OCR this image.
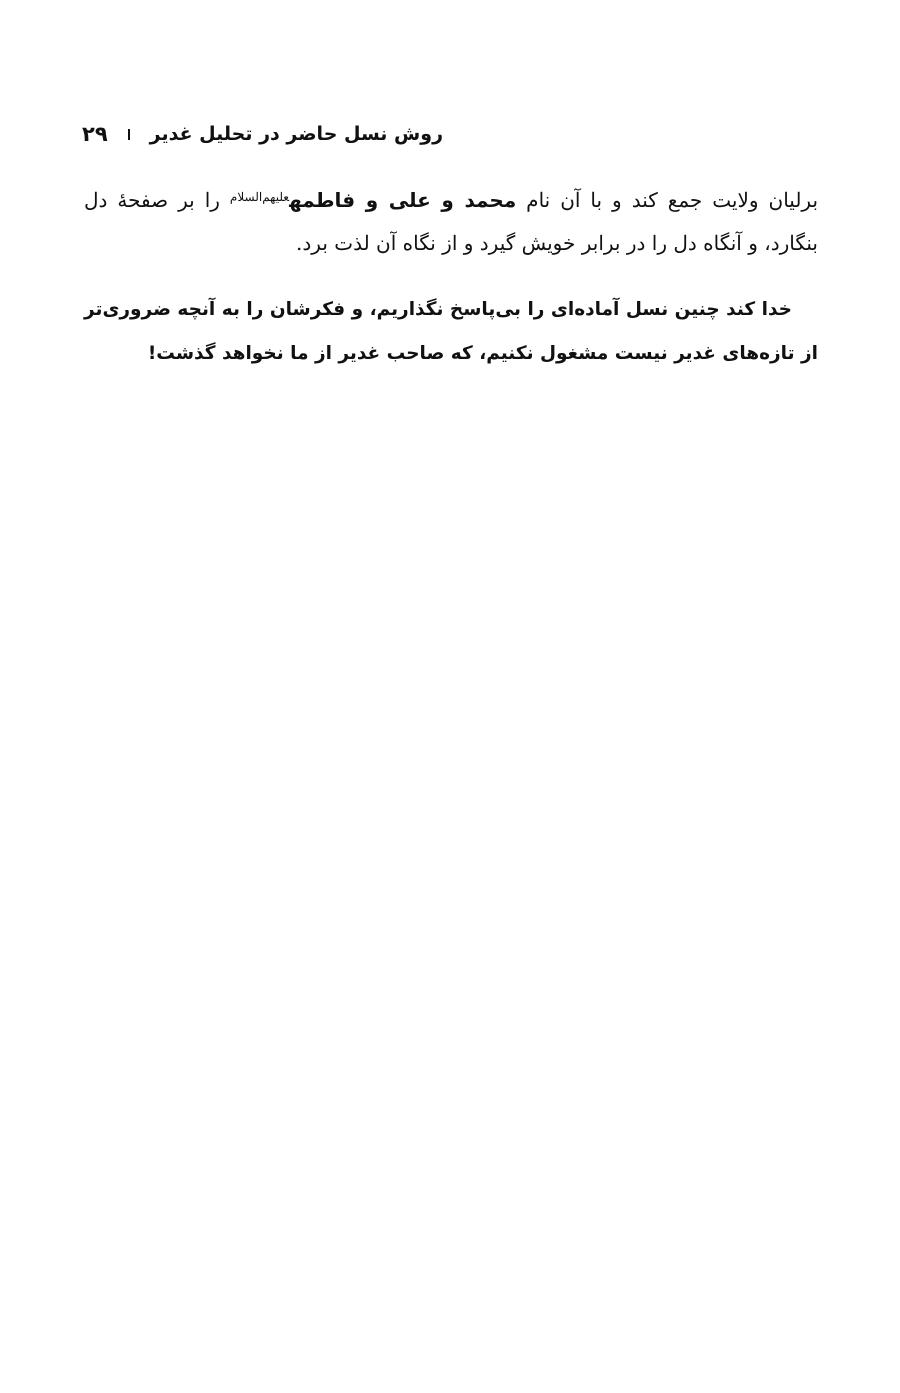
۲۹ روش نسل حاضر در تحلیل غدیر

برلیان ولایت جمع کند و با آن نام محمد و علی و فاطمه$^{علیهم‌السلام}$ را بر صفحهٔ دل بنگارد، و آنگاه دل را در برابر خویش گیرد و از نگاه آن لذت برد.

خدا کند چنین نسل آماده‌ای را بی‌پاسخ نگذاریم، و فکرشان را به آنچه ضروری‌تر از تازه‌های غدیر نیست مشغول نکنیم، که صاحب غدیر از ما نخواهد گذشت!
